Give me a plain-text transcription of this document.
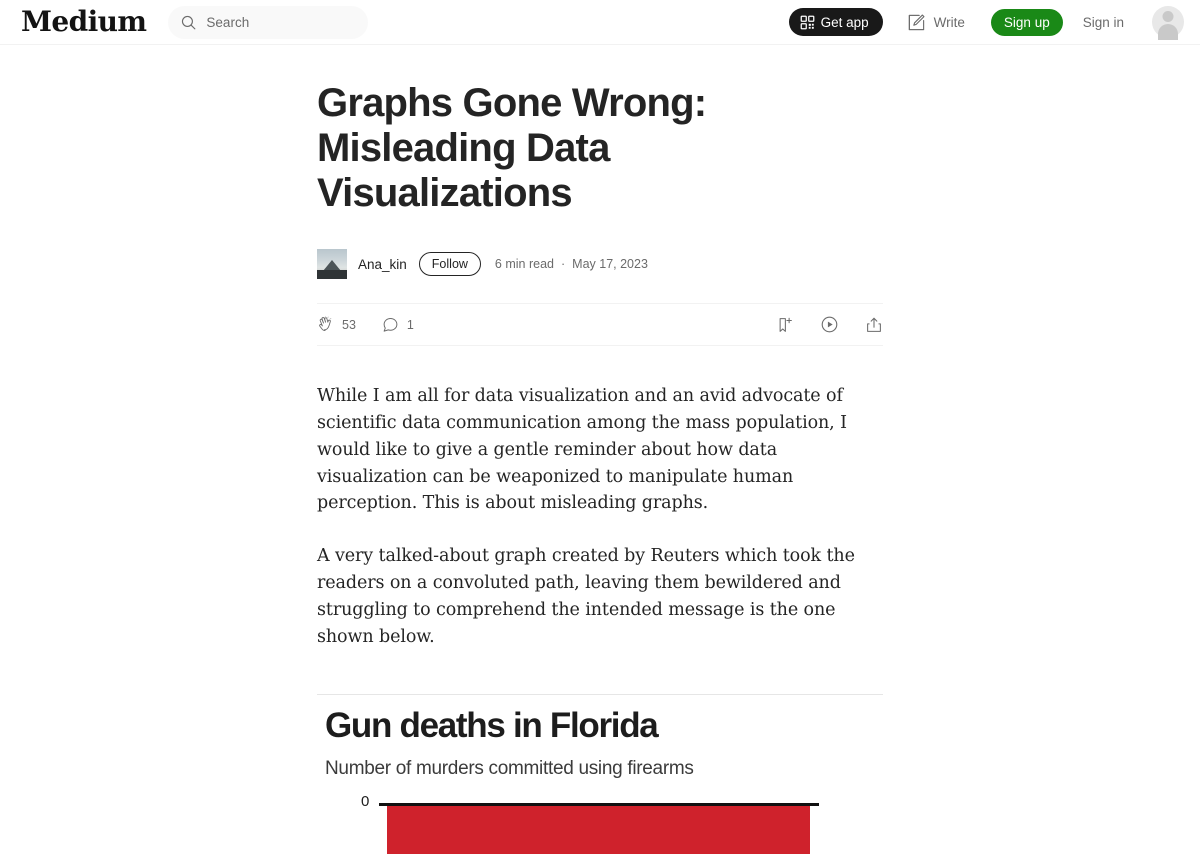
Medium
Search	Get app	Write	Sign up	Sign in
Graphs Gone Wrong: Misleading Data Visualizations
Ana_kin	Follow	6 min read · May 17, 2023
53	1

While I am all for data visualization and an avid advocate of scientific data communication among the mass population, I would like to give a gentle reminder about how data visualization can be weaponized to manipulate human perception. This is about misleading graphs.

A very talked-about graph created by Reuters which took the readers on a convoluted path, leaving them bewildered and struggling to comprehend the intended message is the one shown below.

Gun deaths in Florida
Number of murders committed using firearms
0
